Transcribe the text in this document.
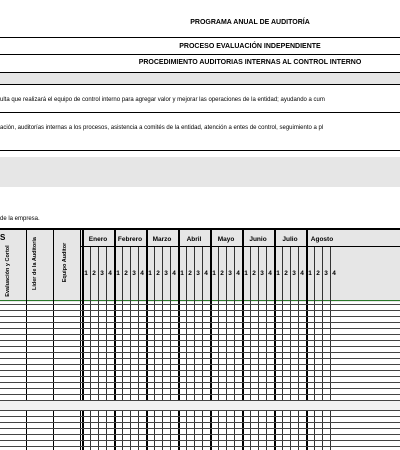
PROGRAMA ANUAL DE AUDITORÍA
PROCESO EVALUACIÓN INDEPENDIENTE
PROCEDIMIENTO AUDITORIAS INTERNAS AL CONTROL INTERNO
ulta que realizará el equipo de control interno para agregar valor y mejorar las operaciones de la entidad; ayudando a cum
ación, auditorías internas a los procesos, asistencia a comités de la entidad, atención a entes de control, seguimiento a pl
de la empresa.
S
Evaluación y Cortol	Líder de la Auditoría	Equipo Auditor
Enero
1 2 3 4
Febrero
1 2 3 4
Marzo
1 2 3 4
Abril
1 2 3 4
Mayo
1 2 3 4
Junio
1 2 3 4
Julio
1 2 3 4
Agosto
1 2 3 4
